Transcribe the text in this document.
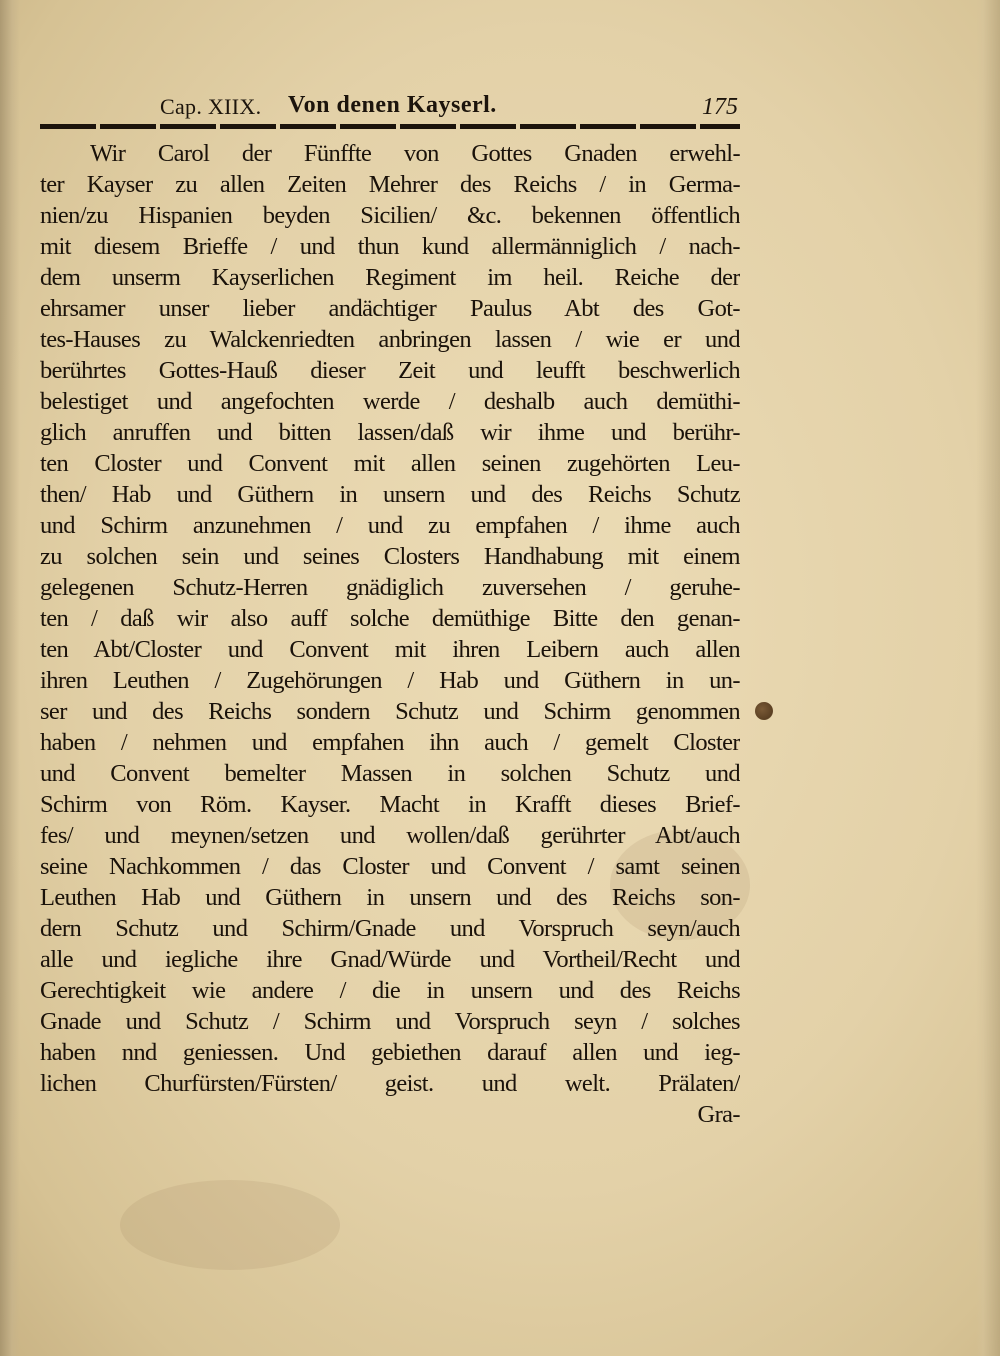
Cap. XIIX. Von denen Kayserl.	175
Wir Carol der Fünffte von Gottes Gnaden erwehl-
ter Kayser zu allen Zeiten Mehrer des Reichs / in Germa-
nien/zu Hispanien beyden Sicilien/ &c. bekennen öffentlich
mit diesem Brieffe / und thun kund allermänniglich / nach-
dem unserm Kayserlichen Regiment im heil. Reiche der
ehrsamer unser lieber andächtiger Paulus Abt des Got-
tes-Hauses zu Walckenriedten anbringen lassen / wie er und
berührtes Gottes-Hauß dieser Zeit und leufft beschwerlich
belestiget und angefochten werde / deshalb auch demüthi-
glich anruffen und bitten lassen/daß wir ihme und berühr-
ten Closter und Convent mit allen seinen zugehörten Leu-
then/ Hab und Güthern in unsern und des Reichs Schutz
und Schirm anzunehmen / und zu empfahen / ihme auch
zu solchen sein und seines Closters Handhabung mit einem
gelegenen Schutz-Herren gnädiglich zuversehen / geruhe-
ten / daß wir also auff solche demüthige Bitte den genan-
ten Abt/Closter und Convent mit ihren Leibern auch allen
ihren Leuthen / Zugehörungen / Hab und Güthern in un-
ser und des Reichs sondern Schutz und Schirm genommen
haben / nehmen und empfahen ihn auch / gemelt Closter
und Convent bemelter Massen in solchen Schutz und
Schirm von Röm. Kayser. Macht in Krafft dieses Brief-
fes/ und meynen/setzen und wollen/daß gerührter Abt/auch
seine Nachkommen / das Closter und Convent / samt seinen
Leuthen Hab und Güthern in unsern und des Reichs son-
dern Schutz und Schirm/Gnade und Vorspruch seyn/auch
alle und iegliche ihre Gnad/Würde und Vortheil/Recht und
Gerechtigkeit wie andere / die in unsern und des Reichs
Gnade und Schutz / Schirm und Vorspruch seyn / solches
haben nnd geniessen. Und gebiethen darauf allen und ieg-
lichen Churfürsten/Fürsten/ geist. und welt. Prälaten/
Gra-
